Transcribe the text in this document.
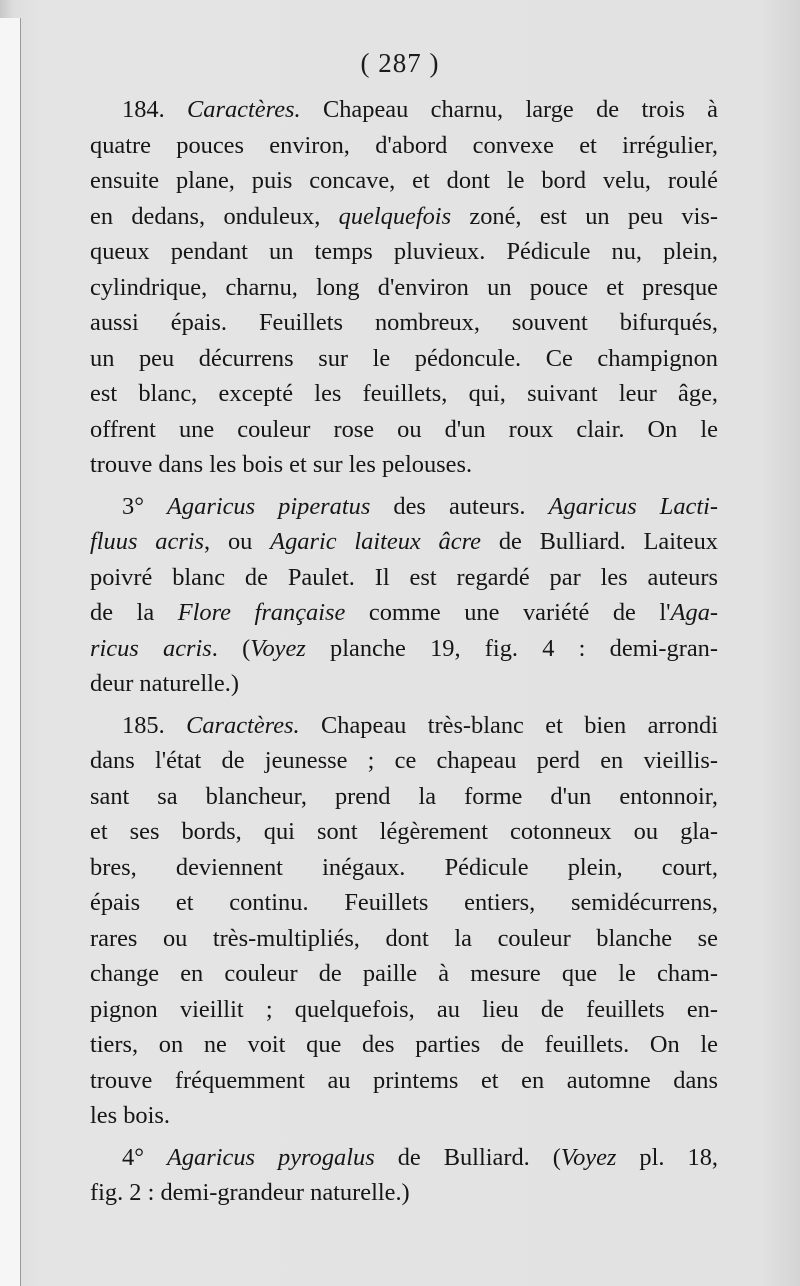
( 287 )
184. Caractères. Chapeau charnu, large de trois à
quatre pouces environ, d'abord convexe et irrégulier,
ensuite plane, puis concave, et dont le bord velu, roulé
en dedans, onduleux, quelquefois zoné, est un peu vis-
queux pendant un temps pluvieux. Pédicule nu, plein,
cylindrique, charnu, long d'environ un pouce et presque
aussi épais. Feuillets nombreux, souvent bifurqués,
un peu décurrens sur le pédoncule. Ce champignon
est blanc, excepté les feuillets, qui, suivant leur âge,
offrent une couleur rose ou d'un roux clair. On le
trouve dans les bois et sur les pelouses.
3° Agaricus piperatus des auteurs. Agaricus Lacti-
fluus acris, ou Agaric laiteux âcre de Bulliard. Laiteux
poivré blanc de Paulet. Il est regardé par les auteurs
de la Flore française comme une variété de l'Aga-
ricus acris. (Voyez planche 19, fig. 4 : demi-gran-
deur naturelle.)
185. Caractères. Chapeau très-blanc et bien arrondi
dans l'état de jeunesse ; ce chapeau perd en vieillis-
sant sa blancheur, prend la forme d'un entonnoir,
et ses bords, qui sont légèrement cotonneux ou gla-
bres, deviennent inégaux. Pédicule plein, court,
épais et continu. Feuillets entiers, semidécurrens,
rares ou très-multipliés, dont la couleur blanche se
change en couleur de paille à mesure que le cham-
pignon vieillit ; quelquefois, au lieu de feuillets en-
tiers, on ne voit que des parties de feuillets. On le
trouve fréquemment au printems et en automne dans
les bois.
4° Agaricus pyrogalus de Bulliard. (Voyez pl. 18,
fig. 2 : demi-grandeur naturelle.)
